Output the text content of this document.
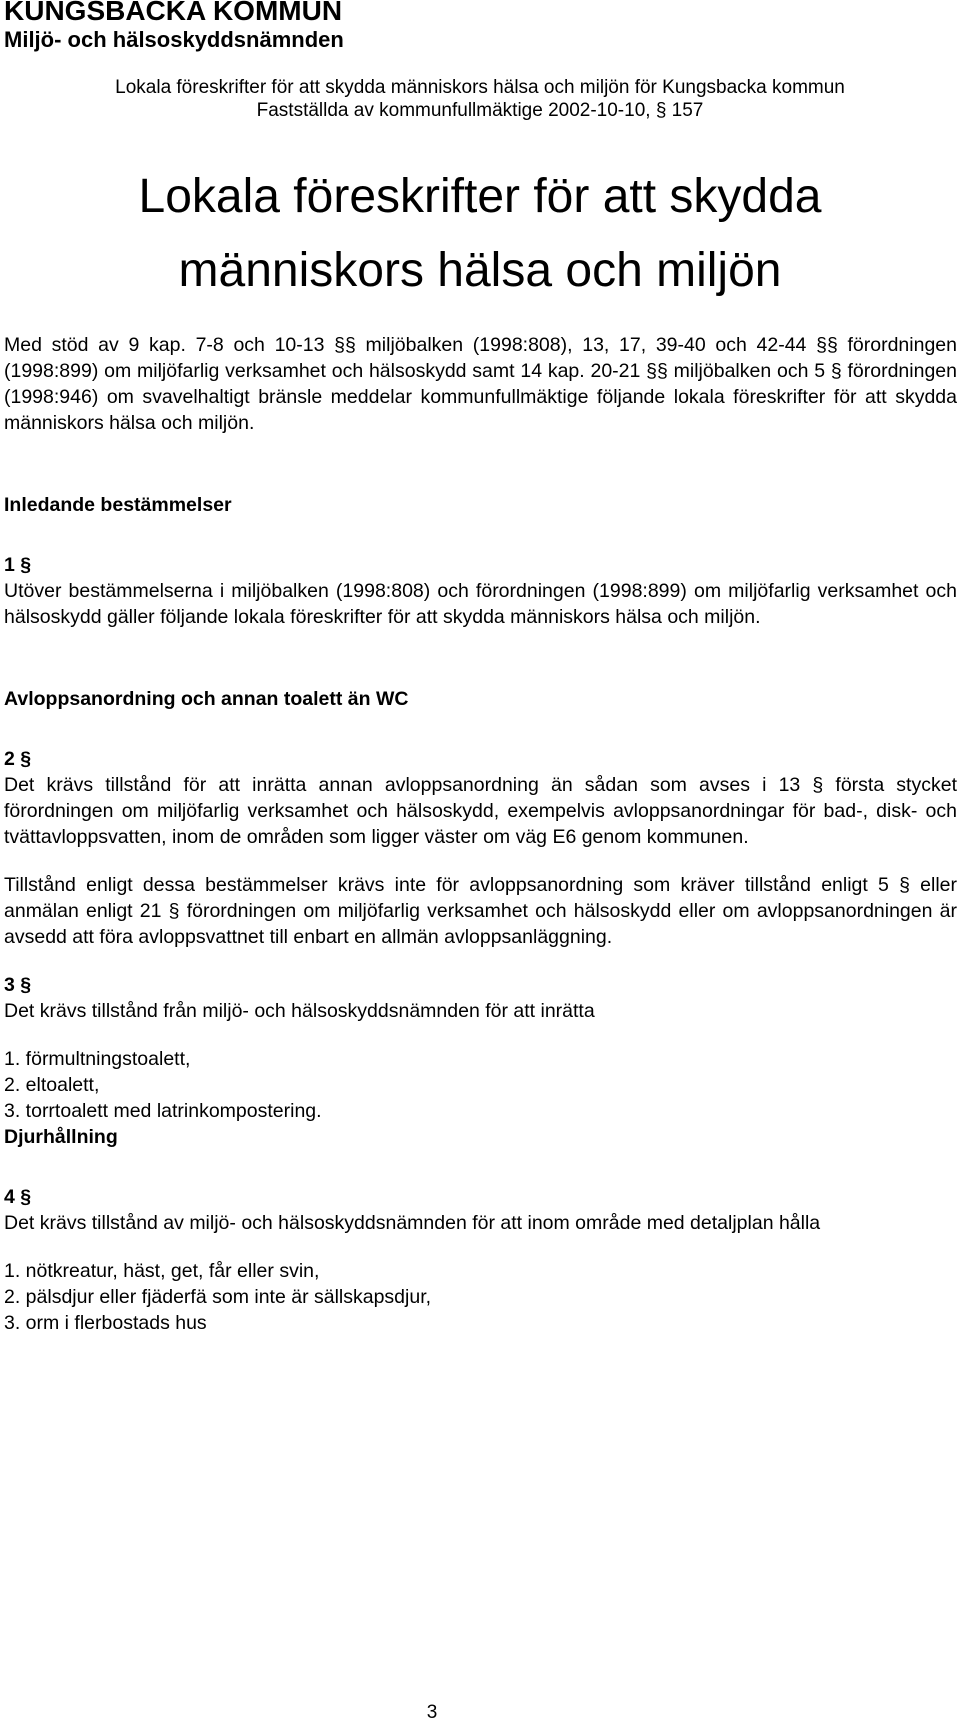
KUNGSBACKA KOMMUN

Miljö- och hälsoskyddsnämnden

Lokala föreskrifter för att skydda människors hälsa och miljön för Kungsbacka kommun

Fastställda av kommunfullmäktige 2002-10-10, § 157

Lokala föreskrifter för att skydda
människors hälsa och miljön

Med stöd av 9 kap. 7-8 och 10-13 §§ miljöbalken (1998:808), 13, 17, 39-40 och 42-44 §§ förordningen (1998:899) om miljöfarlig verksamhet och hälsoskydd samt 14 kap. 20-21 §§ miljöbalken och 5 § förordningen (1998:946) om svavelhaltigt bränsle meddelar kommunfullmäktige följande lokala föreskrifter för att skydda människors hälsa och miljön.

Inledande bestämmelser

1 §

Utöver bestämmelserna i miljöbalken (1998:808) och förordningen (1998:899) om miljöfarlig verksamhet och hälsoskydd gäller följande lokala föreskrifter för att skydda människors hälsa och miljön.

Avloppsanordning och annan toalett än WC

2 §

Det krävs tillstånd för att inrätta annan avloppsanordning än sådan som avses i 13 § första stycket förordningen om miljöfarlig verksamhet och hälsoskydd, exempelvis avloppsanordningar för bad-, disk- och tvättavloppsvatten, inom de områden som ligger väster om väg E6 genom kommunen.

Tillstånd enligt dessa bestämmelser krävs inte för avloppsanordning som kräver tillstånd enligt 5 § eller anmälan enligt 21 § förordningen om miljöfarlig verksamhet och hälsoskydd eller om avloppsanordningen är avsedd att föra avloppsvattnet till enbart en allmän avloppsanläggning.

3 §

Det krävs tillstånd från miljö- och hälsoskyddsnämnden för att inrätta

1. förmultningstoalett,
2. eltoalett,
3. torrtoalett med latrinkompostering.
Djurhållning

4 §

Det krävs tillstånd av miljö- och hälsoskyddsnämnden för att inom område med detaljplan hålla

1. nötkreatur, häst, get, får eller svin,
2. pälsdjur eller fjäderfä som inte är sällskapsdjur,
3. orm i flerbostads hus
3
